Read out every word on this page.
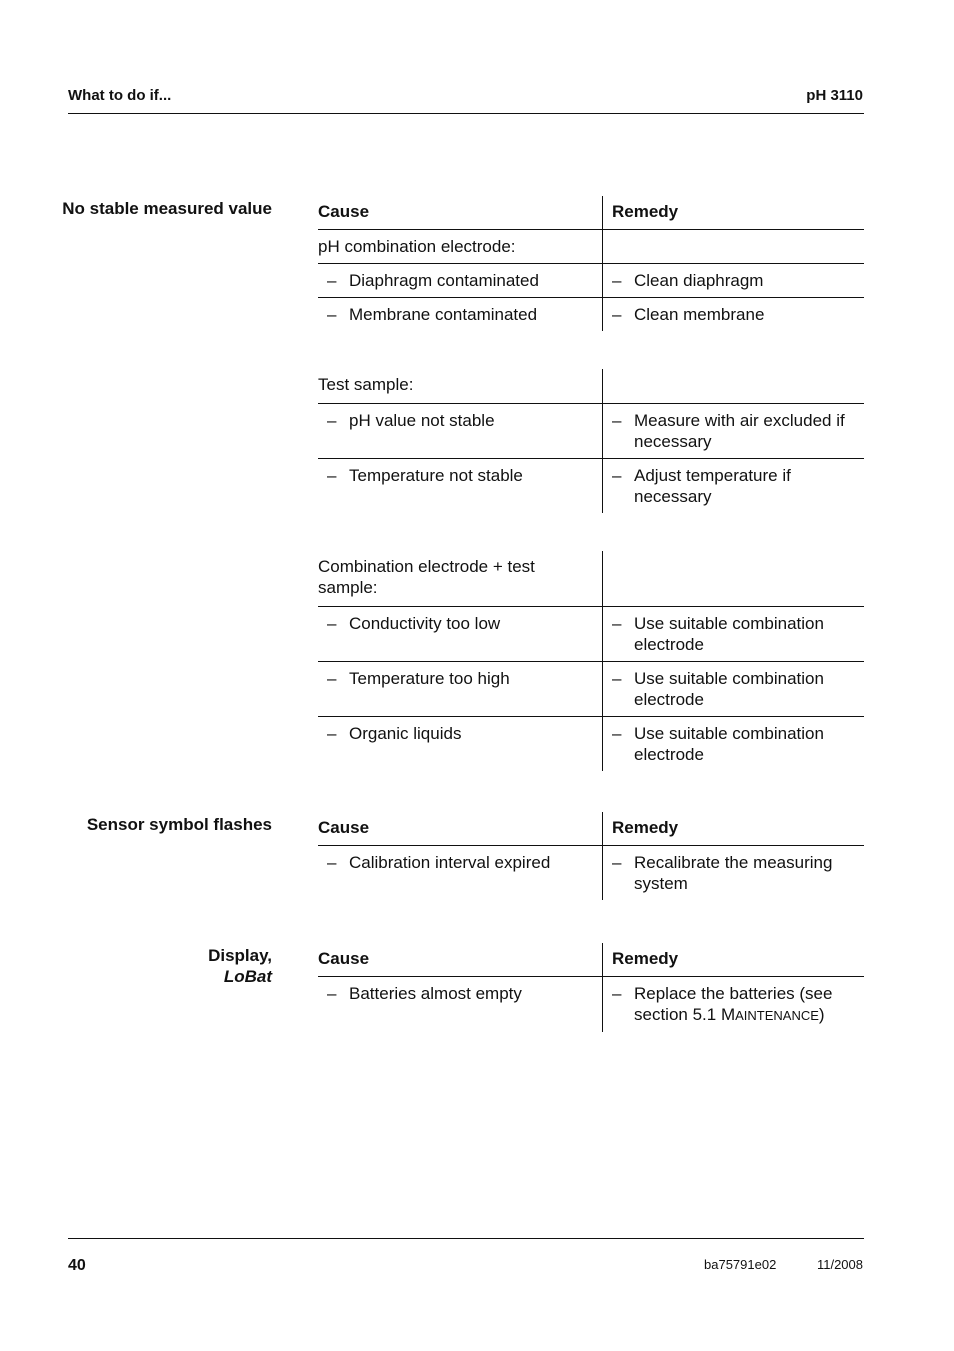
What to do if...	pH 3110
No stable measured value	Cause	Remedy
pH combination electrode:

– Diaphragm contaminated	– Clean diaphragm
– Membrane contaminated	– Clean membrane
Test sample:

– pH value not stable	– Measure with air excluded if necessary
– Temperature not stable	– Adjust temperature if necessary
Combination electrode + test sample:

– Conductivity too low	– Use suitable combination electrode
– Temperature too high	– Use suitable combination electrode
– Organic liquids	– Use suitable combination electrode
Sensor symbol flashes	Cause	Remedy
– Calibration interval expired	– Recalibrate the measuring system
Display,
LoBat
Cause	Remedy
– Batteries almost empty	– Replace the batteries (see section 5.1 MAINTENANCE)
40	ba75791e02	11/2008
